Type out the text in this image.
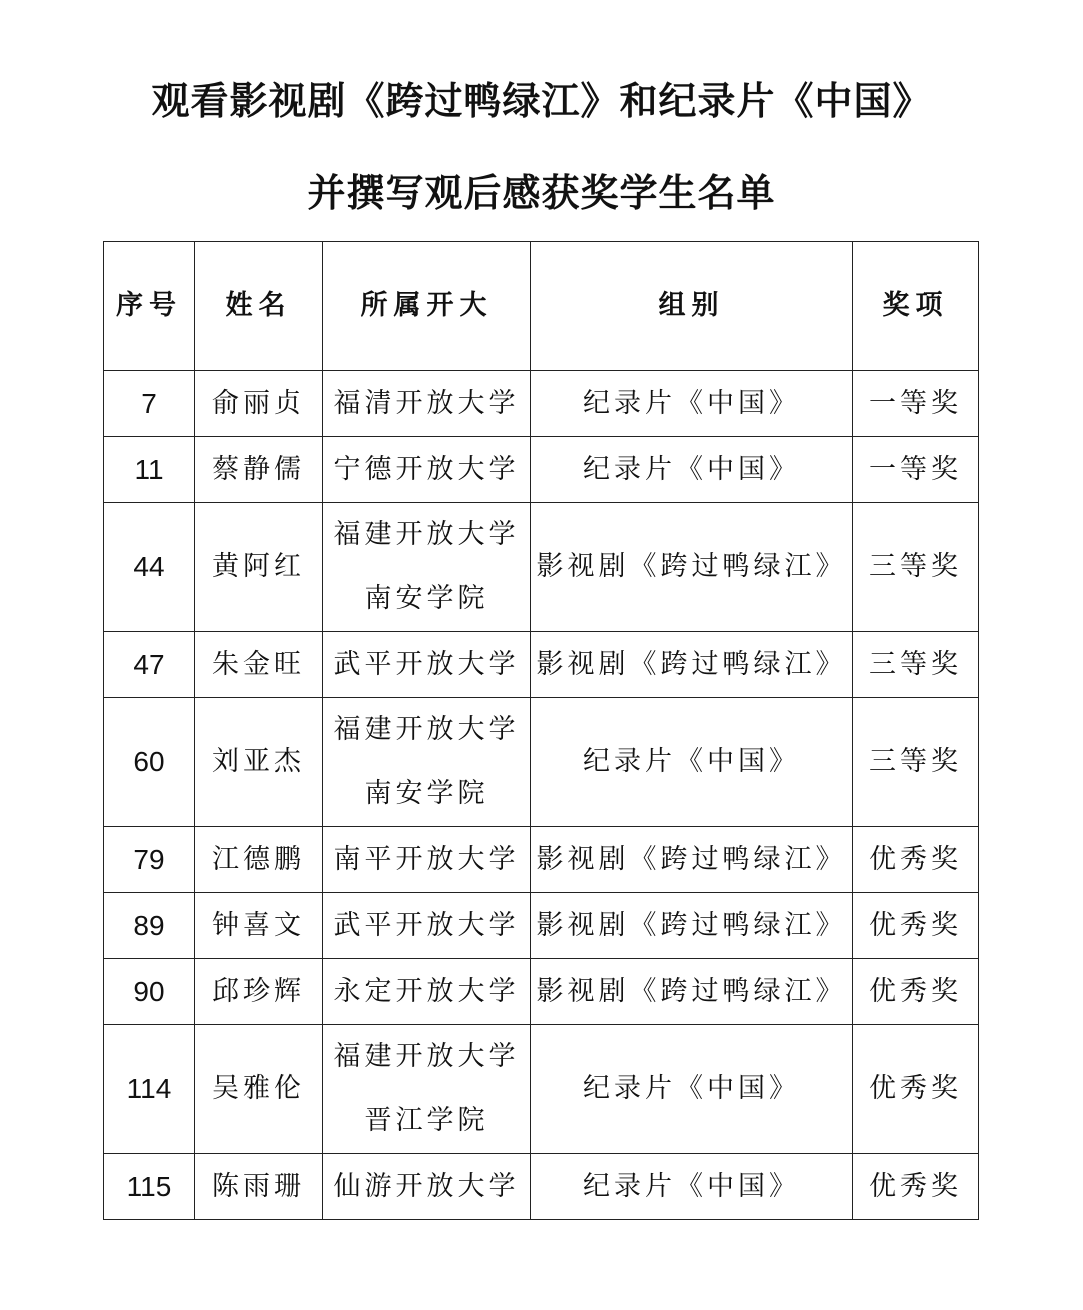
观看影视剧《跨过鸭绿江》和纪录片《中国》
并撰写观后感获奖学生名单
序号	姓名	所属开大	组别	奖项
7	俞丽贞	福清开放大学	纪录片《中国》	一等奖
11	蔡静儒	宁德开放大学	纪录片《中国》	一等奖
44	黄阿红	福建开放大学
南安学院	影视剧《跨过鸭绿江》	三等奖
47	朱金旺	武平开放大学	影视剧《跨过鸭绿江》	三等奖
60	刘亚杰	福建开放大学
南安学院	纪录片《中国》	三等奖
79	江德鹏	南平开放大学	影视剧《跨过鸭绿江》	优秀奖
89	钟喜文	武平开放大学	影视剧《跨过鸭绿江》	优秀奖
90	邱珍辉	永定开放大学	影视剧《跨过鸭绿江》	优秀奖
114	吴雅伦	福建开放大学
晋江学院	纪录片《中国》	优秀奖
115	陈雨珊	仙游开放大学	纪录片《中国》	优秀奖
